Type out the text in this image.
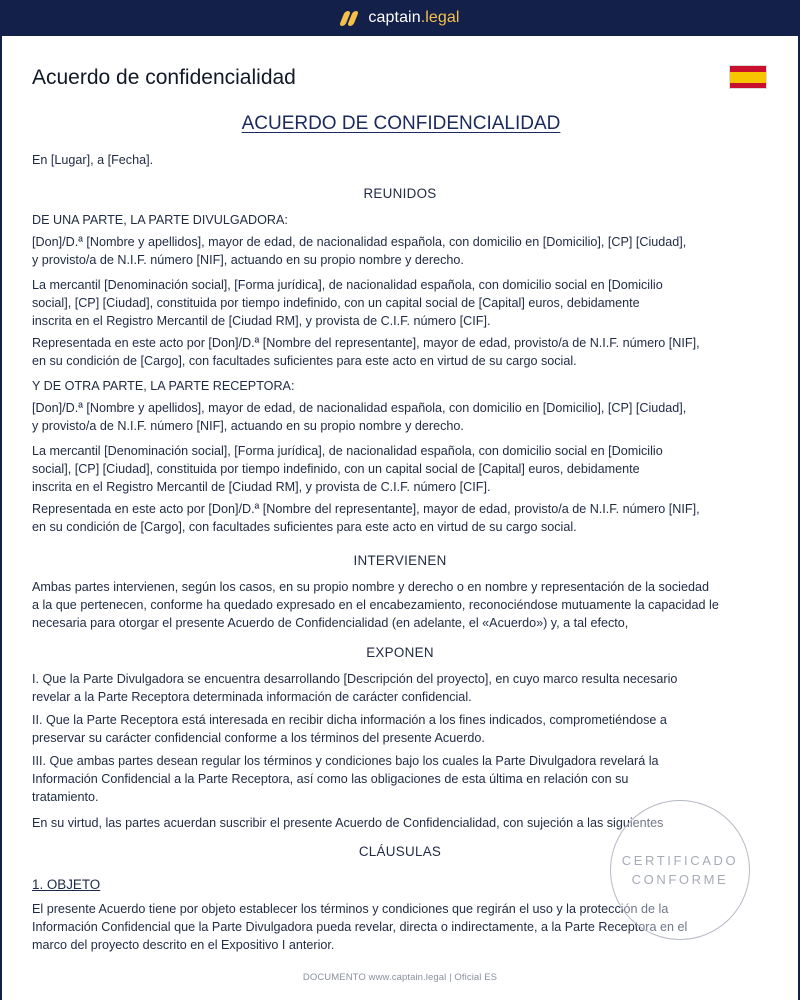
captain.legal
Acuerdo de confidencialidad
ACUERDO DE CONFIDENCIALIDAD
En [Lugar], a [Fecha].
REUNIDOS
DE UNA PARTE, LA PARTE DIVULGADORA:
[Don]/D.ª [Nombre y apellidos], mayor de edad, de nacionalidad española, con domicilio en [Domicilio], [CP] [Ciudad],
y provisto/a de N.I.F. número [NIF], actuando en su propio nombre y derecho.
La mercantil [Denominación social], [Forma jurídica], de nacionalidad española, con domicilio social en [Domicilio
social], [CP] [Ciudad], constituida por tiempo indefinido, con un capital social de [Capital] euros, debidamente
inscrita en el Registro Mercantil de [Ciudad RM], y provista de C.I.F. número [CIF].
Representada en este acto por [Don]/D.ª [Nombre del representante], mayor de edad, provisto/a de N.I.F. número [NIF],
en su condición de [Cargo], con facultades suficientes para este acto en virtud de su cargo social.
Y DE OTRA PARTE, LA PARTE RECEPTORA:
[Don]/D.ª [Nombre y apellidos], mayor de edad, de nacionalidad española, con domicilio en [Domicilio], [CP] [Ciudad],
y provisto/a de N.I.F. número [NIF], actuando en su propio nombre y derecho.
La mercantil [Denominación social], [Forma jurídica], de nacionalidad española, con domicilio social en [Domicilio
social], [CP] [Ciudad], constituida por tiempo indefinido, con un capital social de [Capital] euros, debidamente
inscrita en el Registro Mercantil de [Ciudad RM], y provista de C.I.F. número [CIF].
Representada en este acto por [Don]/D.ª [Nombre del representante], mayor de edad, provisto/a de N.I.F. número [NIF],
en su condición de [Cargo], con facultades suficientes para este acto en virtud de su cargo social.
INTERVIENEN
Ambas partes intervienen, según los casos, en su propio nombre y derecho o en nombre y representación de la sociedad
a la que pertenecen, conforme ha quedado expresado en el encabezamiento, reconociéndose mutuamente la capacidad le
necesaria para otorgar el presente Acuerdo de Confidencialidad (en adelante, el «Acuerdo») y, a tal efecto,
EXPONEN
I. Que la Parte Divulgadora se encuentra desarrollando [Descripción del proyecto], en cuyo marco resulta necesario
revelar a la Parte Receptora determinada información de carácter confidencial.
II. Que la Parte Receptora está interesada en recibir dicha información a los fines indicados, comprometiéndose a
preservar su carácter confidencial conforme a los términos del presente Acuerdo.
III. Que ambas partes desean regular los términos y condiciones bajo los cuales la Parte Divulgadora revelará la
Información Confidencial a la Parte Receptora, así como las obligaciones de esta última en relación con su
tratamiento.
En su virtud, las partes acuerdan suscribir el presente Acuerdo de Confidencialidad, con sujeción a las siguientes
CLÁUSULAS
1. OBJETO
El presente Acuerdo tiene por objeto establecer los términos y condiciones que regirán el uso y la protección de la
Información Confidencial que la Parte Divulgadora pueda revelar, directa o indirectamente, a la Parte Receptora en el
marco del proyecto descrito en el Expositivo I anterior.
CERTIFICADO
CONFORME
DOCUMENTO www.captain.legal | Oficial ES
